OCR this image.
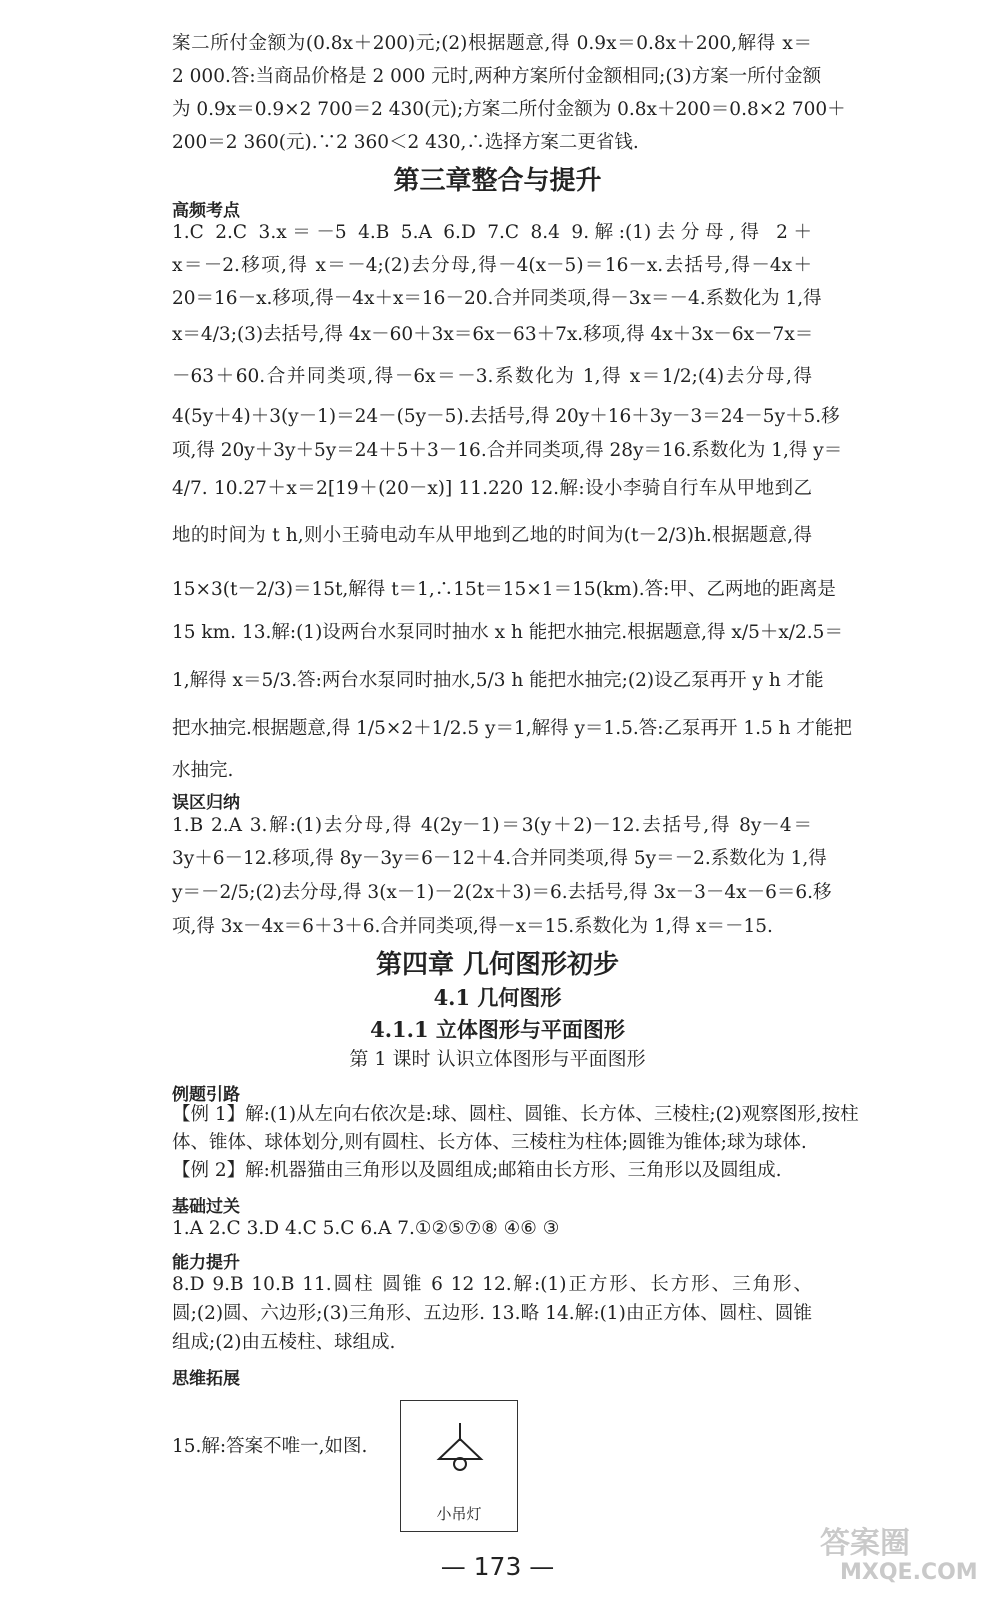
案二所付金额为(0.8x＋200)元;(2)根据题意,得 0.9x＝0.8x＋200,解得 x＝
2 000.答:当商品价格是 2 000 元时,两种方案所付金额相同;(3)方案一所付金额
为 0.9x＝0.9×2 700＝2 430(元);方案二所付金额为 0.8x＋200＝0.8×2 700＋
200＝2 360(元).∵2 360＜2 430,∴选择方案二更省钱.
第三章整合与提升
高频考点
1.C 2.C 3.x＝－5 4.B 5.A 6.D 7.C 8.4 9.解:(1)去分母,得 2＋
x＝－2.移项,得 x＝－4;(2)去分母,得－4(x－5)＝16－x.去括号,得－4x＋
20＝16－x.移项,得－4x＋x＝16－20.合并同类项,得－3x＝－4.系数化为 1,得
x＝4/3;(3)去括号,得 4x－60＋3x＝6x－63＋7x.移项,得 4x＋3x－6x－7x＝
－63＋60.合并同类项,得－6x＝－3.系数化为 1,得 x＝1/2;(4)去分母,得
4(5y＋4)＋3(y－1)＝24－(5y－5).去括号,得 20y＋16＋3y－3＝24－5y＋5.移
项,得 20y＋3y＋5y＝24＋5＋3－16.合并同类项,得 28y＝16.系数化为 1,得 y＝
4/7. 10.27＋x＝2[19＋(20－x)] 11.220 12.解:设小李骑自行车从甲地到乙
地的时间为 t h,则小王骑电动车从甲地到乙地的时间为(t－2/3)h.根据题意,得
15×3(t－2/3)＝15t,解得 t＝1,∴15t＝15×1＝15(km).答:甲、乙两地的距离是
15 km. 13.解:(1)设两台水泵同时抽水 x h 能把水抽完.根据题意,得 x/5＋x/2.5＝
1,解得 x＝5/3.答:两台水泵同时抽水,5/3 h 能把水抽完;(2)设乙泵再开 y h 才能
把水抽完.根据题意,得 1/5×2＋1/2.5 y＝1,解得 y＝1.5.答:乙泵再开 1.5 h 才能把
水抽完.
误区归纳
1.B 2.A 3.解:(1)去分母,得 4(2y－1)＝3(y＋2)－12.去括号,得 8y－4＝
3y＋6－12.移项,得 8y－3y＝6－12＋4.合并同类项,得 5y＝－2.系数化为 1,得
y＝－2/5;(2)去分母,得 3(x－1)－2(2x＋3)＝6.去括号,得 3x－3－4x－6＝6.移
项,得 3x－4x＝6＋3＋6.合并同类项,得－x＝15.系数化为 1,得 x＝－15.
第四章 几何图形初步
4.1 几何图形
4.1.1 立体图形与平面图形
第 1 课时 认识立体图形与平面图形
例题引路
【例 1】解:(1)从左向右依次是:球、圆柱、圆锥、长方体、三棱柱;(2)观察图形,按柱
体、锥体、球体划分,则有圆柱、长方体、三棱柱为柱体;圆锥为锥体;球为球体.
【例 2】解:机器猫由三角形以及圆组成;邮箱由长方形、三角形以及圆组成.
基础过关
1.A 2.C 3.D 4.C 5.C 6.A 7.①②⑤⑦⑧ ④⑥ ③
能力提升
8.D 9.B 10.B 11.圆柱 圆锥 6 12 12.解:(1)正方形、长方形、三角形、
圆;(2)圆、六边形;(3)三角形、五边形. 13.略 14.解:(1)由正方体、圆柱、圆锥
组成;(2)由五棱柱、球组成.
思维拓展
15.解:答案不唯一,如图.
小吊灯
— 173 —
答案圈
MXQE.COM
